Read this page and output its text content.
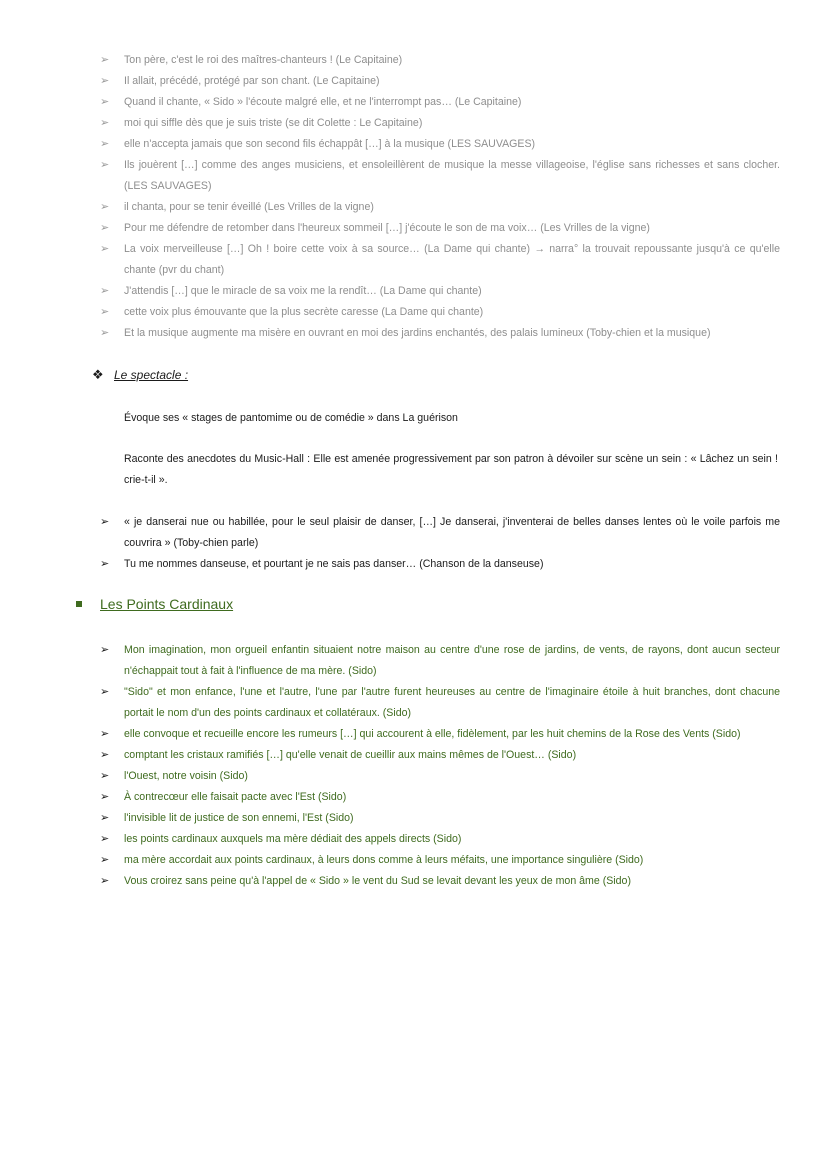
➢ Ton père, c'est le roi des maîtres-chanteurs ! (Le Capitaine)
➢ Il allait, précédé, protégé par son chant. (Le Capitaine)
➢ Quand il chante, « Sido » l'écoute malgré elle, et ne l'interrompt pas… (Le Capitaine)
➢ moi qui siffle dès que je suis triste (se dit Colette : Le Capitaine)
➢ elle n'accepta jamais que son second fils échappât […] à la musique (LES SAUVAGES)
➢ Ils jouèrent […] comme des anges musiciens, et ensoleillèrent de musique la messe villageoise, l'église sans richesses et sans clocher. (LES SAUVAGES)
➢ il chanta, pour se tenir éveillé (Les Vrilles de la vigne)
➢ Pour me défendre de retomber dans l'heureux sommeil […] j'écoute le son de ma voix… (Les Vrilles de la vigne)
➢ La voix merveilleuse […] Oh ! boire cette voix à sa source… (La Dame qui chante) → narra° la trouvait repoussante jusqu'à ce qu'elle chante (pvr du chant)
➢ J'attendis […] que le miracle de sa voix me la rendît… (La Dame qui chante)
➢ cette voix plus émouvante que la plus secrète caresse (La Dame qui chante)
➢ Et la musique augmente ma misère en ouvrant en moi des jardins enchantés, des palais lumineux (Toby-chien et la musique)
❖ Le spectacle :

Évoque ses « stages de pantomime ou de comédie » dans La guérison

Raconte des anecdotes du Music-Hall : Elle est amenée progressivement par son patron à dévoiler sur scène un sein : « Lâchez un sein ! crie-t-il ».

➢ « je danserai nue ou habillée, pour le seul plaisir de danser, […] Je danserai, j'inventerai de belles danses lentes où le voile parfois me couvrira » (Toby-chien parle)
➢ Tu me nommes danseuse, et pourtant je ne sais pas danser… (Chanson de la danseuse)
Les Points Cardinaux
➢ Mon imagination, mon orgueil enfantin situaient notre maison au centre d'une rose de jardins, de vents, de rayons, dont aucun secteur n'échappait tout à fait à l'influence de ma mère. (Sido)
➢ "Sido" et mon enfance, l'une et l'autre, l'une par l'autre furent heureuses au centre de l'imaginaire étoile à huit branches, dont chacune portait le nom d'un des points cardinaux et collatéraux. (Sido)
➢ elle convoque et recueille encore les rumeurs […] qui accourent à elle, fidèlement, par les huit chemins de la Rose des Vents (Sido)
➢ comptant les cristaux ramifiés […] qu'elle venait de cueillir aux mains mêmes de l'Ouest… (Sido)
➢ l'Ouest, notre voisin (Sido)
➢ À contrecœur elle faisait pacte avec l'Est (Sido)
➢ l'invisible lit de justice de son ennemi, l'Est (Sido)
➢ les points cardinaux auxquels ma mère dédiait des appels directs (Sido)
➢ ma mère accordait aux points cardinaux, à leurs dons comme à leurs méfaits, une importance singulière (Sido)
➢ Vous croirez sans peine qu'à l'appel de « Sido » le vent du Sud se levait devant les yeux de mon âme (Sido)
